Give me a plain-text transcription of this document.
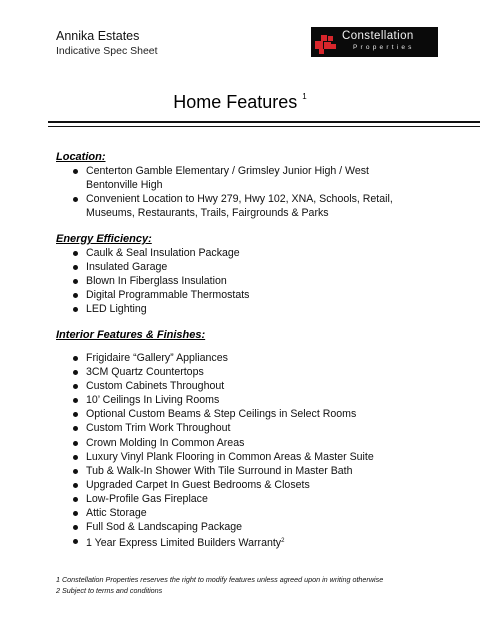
Annika Estates
Indicative Spec Sheet
Constellation
Properties
Home Features $^1$
Location:
Centerton Gamble Elementary / Grimsley Junior High / West Bentonville High
Convenient Location to Hwy 279, Hwy 102, XNA, Schools, Retail, Museums, Restaurants, Trails, Fairgrounds & Parks
Energy Efficiency:
Caulk & Seal Insulation Package
Insulated Garage
Blown In Fiberglass Insulation
Digital Programmable Thermostats
LED Lighting
Interior Features & Finishes:
Frigidaire “Gallery” Appliances
3CM Quartz Countertops
Custom Cabinets Throughout
10’ Ceilings In Living Rooms
Optional Custom Beams & Step Ceilings in Select Rooms
Custom Trim Work Throughout
Crown Molding In Common Areas
Luxury Vinyl Plank Flooring in Common Areas & Master Suite
Tub & Walk-In Shower With Tile Surround in Master Bath
Upgraded Carpet In Guest Bedrooms & Closets
Low-Profile Gas Fireplace
Attic Storage
Full Sod & Landscaping Package
1 Year Express Limited Builders Warranty$^2$
1 Constellation Properties reserves the right to modify features unless agreed upon in writing otherwise
2 Subject to terms and conditions
